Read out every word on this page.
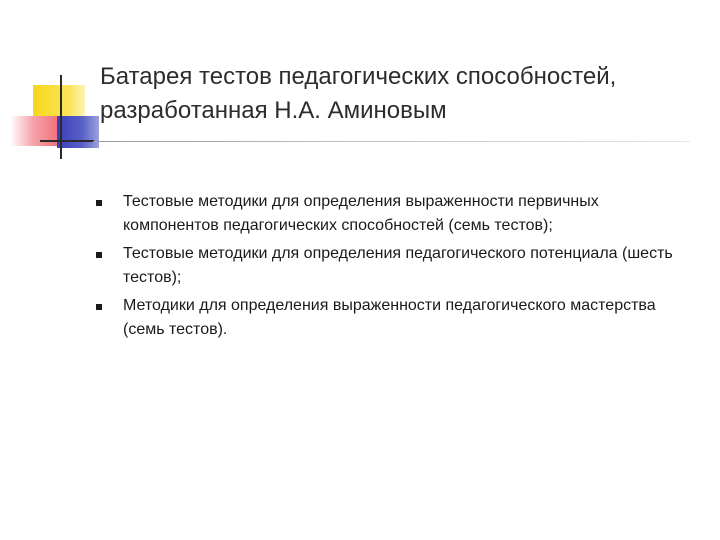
Батарея тестов педагогических способностей, разработанная Н.А. Аминовым
Тестовые методики для определения выраженности первичных компонентов педагогических способностей (семь тестов);
Тестовые методики для определения педагогического потенциала (шесть тестов);
Методики для определения выраженности педагогического мастерства (семь тестов).
